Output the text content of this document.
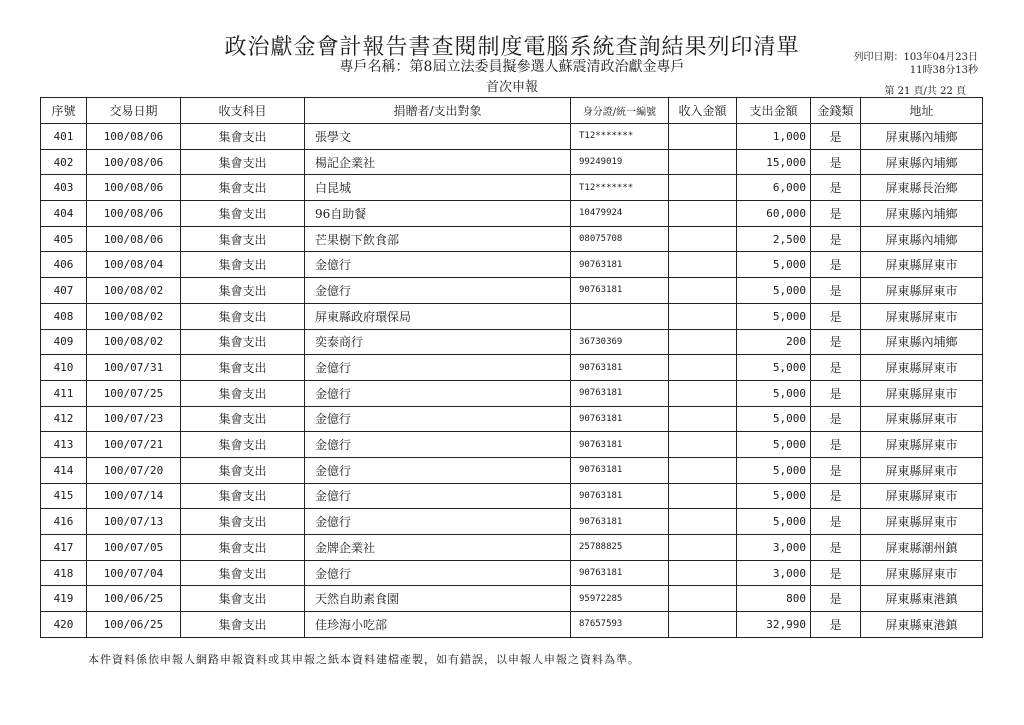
政治獻金會計報告書查閱制度電腦系統查詢結果列印清單
專戶名稱：第8屆立法委員擬參選人蘇震清政治獻金專戶
首次申報
列印日期：103年04月23日
11時38分13秒
第 21 頁/共 22 頁
序號	交易日期	收支科目	捐贈者/支出對象	身分證/統一編號	收入金額	支出金額	金錢類	地址
401	100/08/06	集會支出	張學文	T12*******		1,000	是	屏東縣內埔鄉
402	100/08/06	集會支出	楊記企業社	99249019		15,000	是	屏東縣內埔鄉
403	100/08/06	集會支出	白昆城	T12*******		6,000	是	屏東縣長治鄉
404	100/08/06	集會支出	96自助餐	10479924		60,000	是	屏東縣內埔鄉
405	100/08/06	集會支出	芒果樹下飲食部	08075708		2,500	是	屏東縣內埔鄉
406	100/08/04	集會支出	金億行	90763181		5,000	是	屏東縣屏東市
407	100/08/02	集會支出	金億行	90763181		5,000	是	屏東縣屏東市
408	100/08/02	集會支出	屏東縣政府環保局			5,000	是	屏東縣屏東市
409	100/08/02	集會支出	奕泰商行	36730369		200	是	屏東縣內埔鄉
410	100/07/31	集會支出	金億行	90763181		5,000	是	屏東縣屏東市
411	100/07/25	集會支出	金億行	90763181		5,000	是	屏東縣屏東市
412	100/07/23	集會支出	金億行	90763181		5,000	是	屏東縣屏東市
413	100/07/21	集會支出	金億行	90763181		5,000	是	屏東縣屏東市
414	100/07/20	集會支出	金億行	90763181		5,000	是	屏東縣屏東市
415	100/07/14	集會支出	金億行	90763181		5,000	是	屏東縣屏東市
416	100/07/13	集會支出	金億行	90763181		5,000	是	屏東縣屏東市
417	100/07/05	集會支出	金牌企業社	25788825		3,000	是	屏東縣潮州鎮
418	100/07/04	集會支出	金億行	90763181		3,000	是	屏東縣屏東市
419	100/06/25	集會支出	天然自助素食園	95972285		800	是	屏東縣東港鎮
420	100/06/25	集會支出	佳珍海小吃部	87657593		32,990	是	屏東縣東港鎮
本件資料係依申報人網路申報資料或其申報之紙本資料建檔產製，如有錯誤，以申報人申報之資料為準。
